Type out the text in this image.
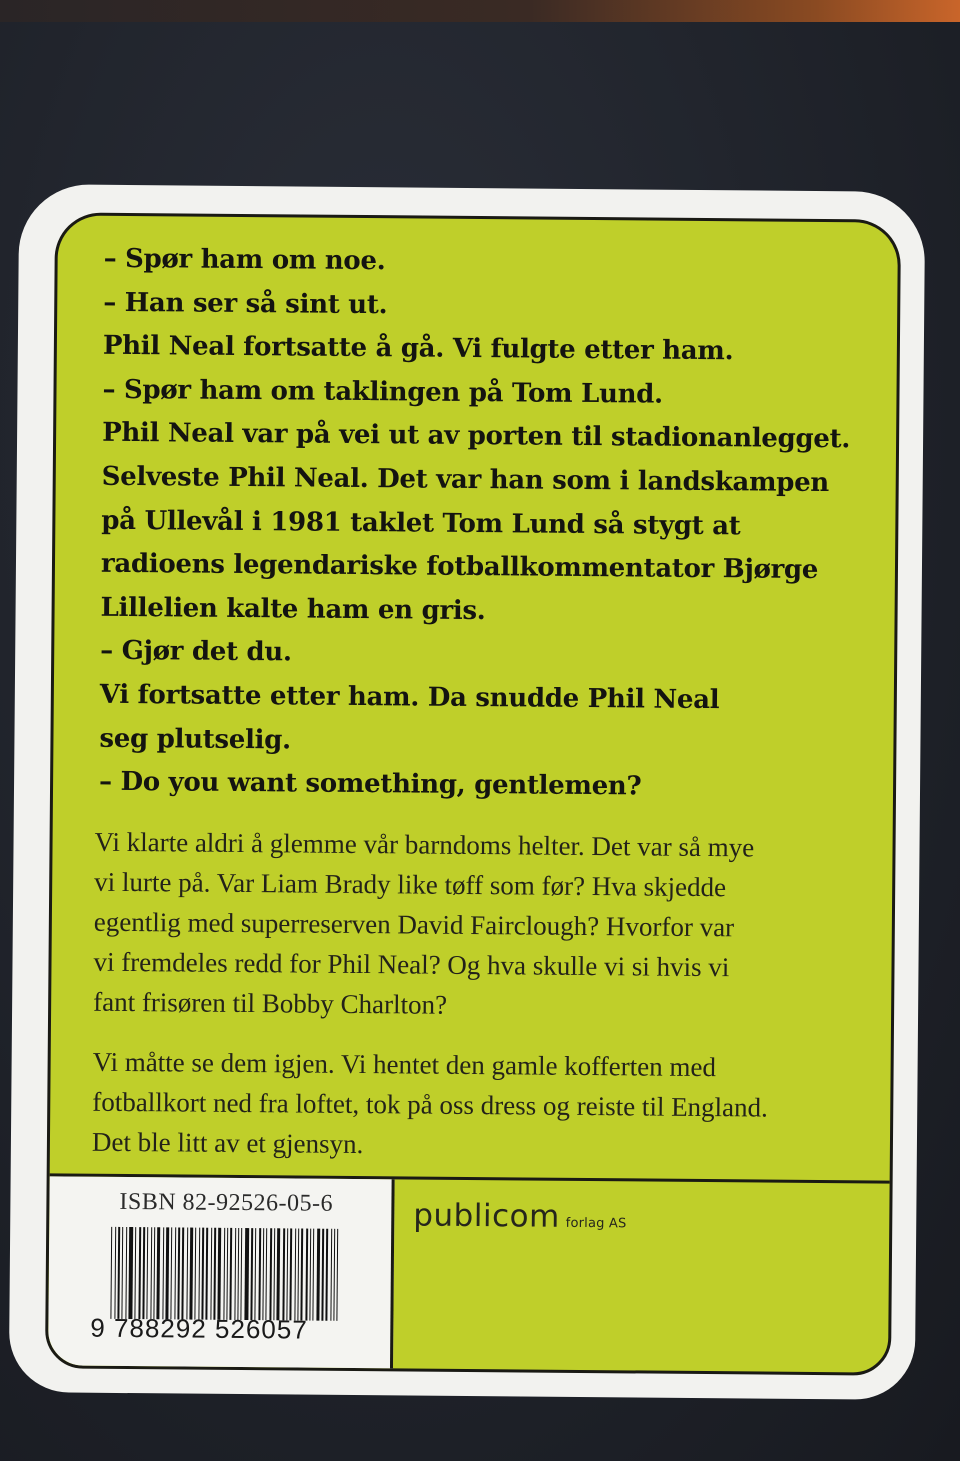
– Spør ham om noe.
– Han ser så sint ut.
Phil Neal fortsatte å gå. Vi fulgte etter ham.
– Spør ham om taklingen på Tom Lund.
Phil Neal var på vei ut av porten til stadionanlegget.
Selveste Phil Neal. Det var han som i landskampen
på Ullevål i 1981 taklet Tom Lund så stygt at
radioens legendariske fotballkommentator Bjørge
Lillelien kalte ham en gris.
– Gjør det du.
Vi fortsatte etter ham. Da snudde Phil Neal
seg plutselig.
– Do you want something, gentlemen?
Vi klarte aldri å glemme vår barndoms helter. Det var så mye
vi lurte på. Var Liam Brady like tøff som før? Hva skjedde
egentlig med superreserven David Fairclough? Hvorfor var
vi fremdeles redd for Phil Neal? Og hva skulle vi si hvis vi
fant frisøren til Bobby Charlton?
Vi måtte se dem igjen. Vi hentet den gamle kofferten med
fotballkort ned fra loftet, tok på oss dress og reiste til England.
Det ble litt av et gjensyn.
ISBN 82-92526-05-6
9 788292 526057
publicom forlag AS
